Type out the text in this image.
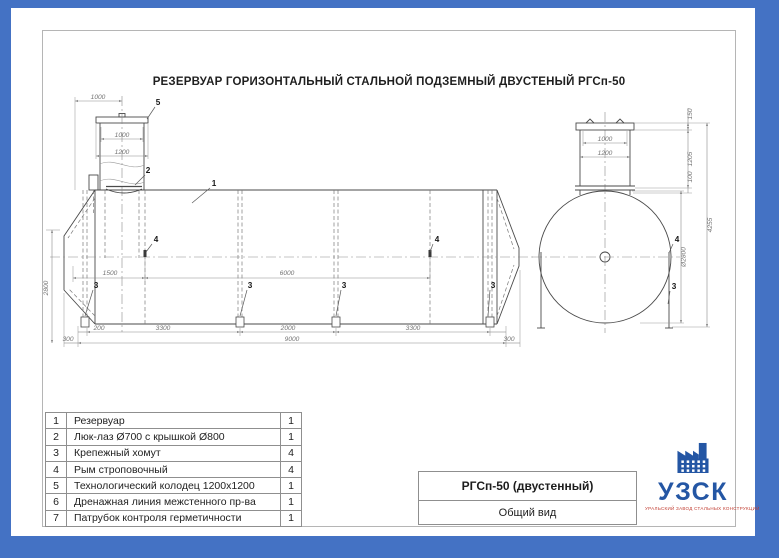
1000
1000
1200
1500	6000
200	3300	2000	3300
300	9000	300
2800
5
2
1
4	4
3	3	3	3
1000
1200
150
1205
100
4255
Ø2800
4
3
РЕЗЕРВУАР ГОРИЗОНТАЛЬНЫЙ СТАЛЬНОЙ ПОДЗЕМНЫЙ ДВУСТЕНЫЙ РГСп-50
1	Резервуар	1
2	Люк-лаз Ø700 с крышкой Ø800	1
3	Крепежный хомут	4
4	Рым строповочный	4
5	Технологический колодец 1200x1200	1
6	Дренажная линия межстенного пр-ва	1
7	Патрубок контроля герметичности	1
РГСп-50 (двустенный)
Общий вид
УЗСК
УРАЛЬСКИЙ ЗАВОД СТАЛЬНЫХ КОНСТРУКЦИЙ
